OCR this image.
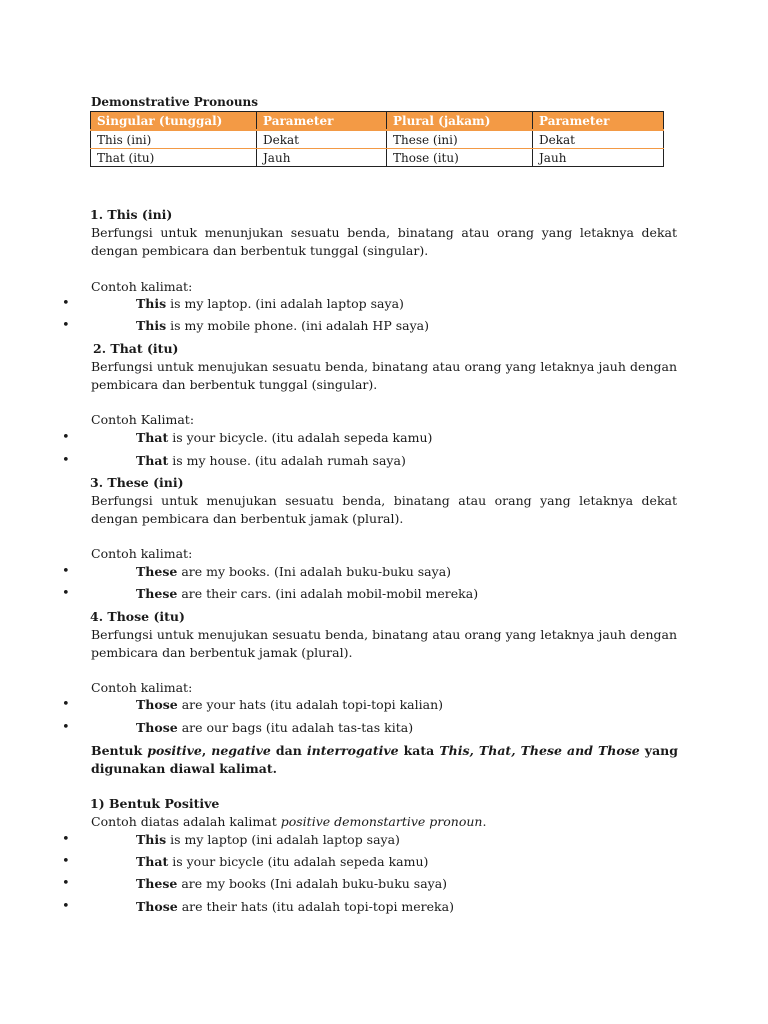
Demonstrative Pronouns
Singular (tunggal)	Parameter	Plural (jakam)	Parameter
This (ini)	Dekat	These (ini)	Dekat
That (itu)	Jauh	Those (itu)	Jauh
1. This (ini)
Berfungsi untuk menunjukan sesuatu benda, binatang atau orang yang letaknya dekat dengan pembicara dan berbentuk tunggal (singular).
Contoh kalimat:
•	This is my laptop. (ini adalah laptop saya)
•	This is my mobile phone. (ini adalah HP saya)
2. That (itu)
Berfungsi untuk menujukan sesuatu benda, binatang atau orang yang letaknya jauh dengan pembicara dan berbentuk tunggal (singular).
Contoh Kalimat:
•	That is your bicycle. (itu adalah sepeda kamu)
•	That is my house. (itu adalah rumah saya)
3. These (ini)
Berfungsi untuk menujukan sesuatu benda, binatang atau orang yang letaknya dekat dengan pembicara dan berbentuk jamak (plural).
Contoh kalimat:
•	These are my books. (Ini adalah buku-buku saya)
•	These are their cars. (ini adalah mobil-mobil mereka)
4. Those (itu)
Berfungsi untuk menujukan sesuatu benda, binatang atau orang yang letaknya jauh dengan pembicara dan berbentuk jamak (plural).
Contoh kalimat:
•	Those are your hats (itu adalah topi-topi kalian)
•	Those are our bags (itu adalah tas-tas kita)
Bentuk positive, negative dan interrogative kata This, That, These and Those yang digunakan diawal kalimat.
1) Bentuk Positive
Contoh diatas adalah kalimat positive demonstartive pronoun.
•	This is my laptop (ini adalah laptop saya)
•	That is your bicycle (itu adalah sepeda kamu)
•	These are my books (Ini adalah buku-buku saya)
•	Those are their hats (itu adalah topi-topi mereka)
